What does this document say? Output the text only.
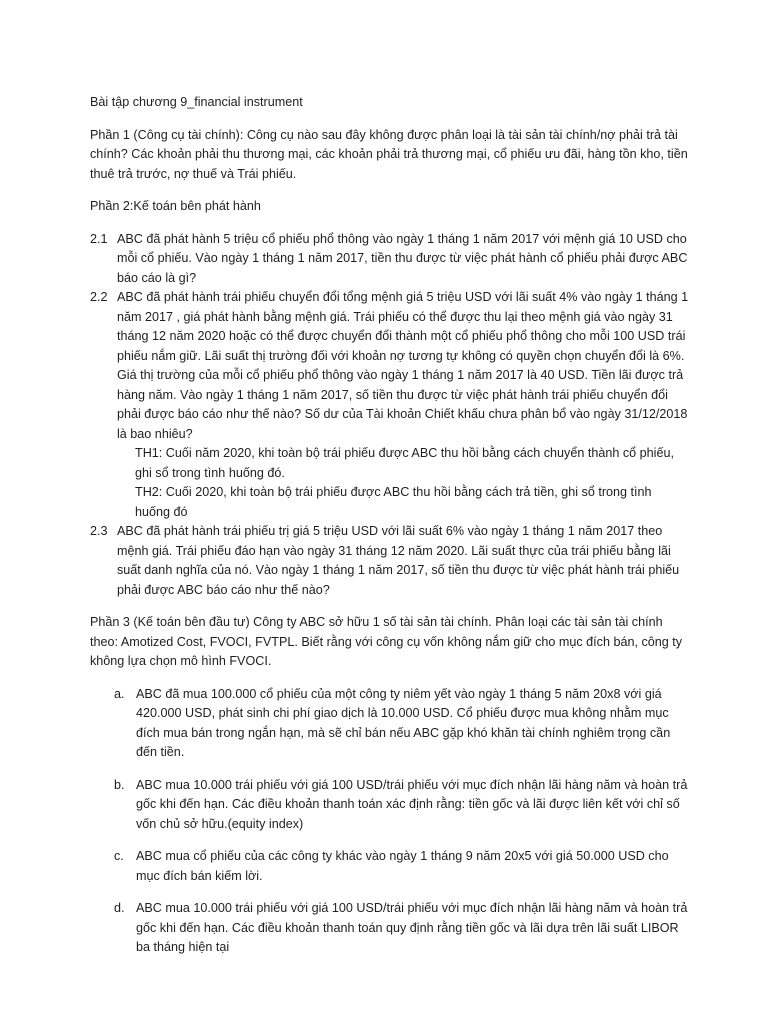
Bài tập chương 9_financial instrument

Phần 1 (Công cụ tài chính): Công cụ nào sau đây không được phân loại là tài sản tài chính/nợ phải trả tài chính? Các khoản phải thu thương mại, các khoản phải trả thương mại, cổ phiếu ưu đãi, hàng tồn kho, tiền thuê trả trước, nợ thuế và Trái phiếu.

Phần 2:Kế toán bên phát hành

2.1 ABC đã phát hành 5 triệu cổ phiếu phổ thông vào ngày 1 tháng 1 năm 2017 với mệnh giá 10 USD cho mỗi cổ phiếu. Vào ngày 1 tháng 1 năm 2017, tiền thu được từ việc phát hành cổ phiếu phải được ABC báo cáo là gì?

2.2 ABC đã phát hành trái phiếu chuyển đổi tổng mệnh giá 5 triệu USD với lãi suất 4% vào ngày 1 tháng 1 năm 2017 , giá phát hành bằng mệnh giá. Trái phiếu có thể được thu lại theo mệnh giá vào ngày 31 tháng 12 năm 2020 hoặc có thể được chuyển đổi thành một cổ phiếu phổ thông cho mỗi 100 USD trái phiếu nắm giữ. Lãi suất thị trường đối với khoản nợ tương tự không có quyền chọn chuyển đổi là 6%. Giá thị trường của mỗi cổ phiếu phổ thông vào ngày 1 tháng 1 năm 2017 là 40 USD. Tiền lãi được trả hàng năm. Vào ngày 1 tháng 1 năm 2017, số tiền thu được từ việc phát hành trái phiếu chuyển đổi phải được báo cáo như thế nào? Số dư của Tài khoản Chiết khấu chưa phân bổ vào ngày 31/12/2018 là bao nhiêu?

TH1: Cuối năm 2020, khi toàn bộ trái phiếu được ABC thu hồi bằng cách chuyển thành cổ phiếu, ghi sổ trong tình huống đó.

TH2: Cuối 2020, khi toàn bộ trái phiếu được ABC thu hồi bằng cách trả tiền, ghi sổ trong tình huống đó

2.3 ABC đã phát hành trái phiếu trị giá 5 triệu USD với lãi suất 6% vào ngày 1 tháng 1 năm 2017 theo mệnh giá. Trái phiếu đáo hạn vào ngày 31 tháng 12 năm 2020. Lãi suất thực của trái phiếu bằng lãi suất danh nghĩa của nó. Vào ngày 1 tháng 1 năm 2017, số tiền thu được từ việc phát hành trái phiếu phải được ABC báo cáo như thế nào?

Phần 3 (Kế toán bên đầu tư) Công ty ABC sở hữu 1 số tài sản tài chính. Phân loại các tài sản tài chính theo: Amotized Cost, FVOCI, FVTPL. Biết rằng với công cụ vốn không nắm giữ cho mục đích bán, công ty không lựa chọn mô hình FVOCI.

a. ABC đã mua 100.000 cổ phiếu của một công ty niêm yết vào ngày 1 tháng 5 năm 20x8 với giá 420.000 USD, phát sinh chi phí giao dịch là 10.000 USD. Cổ phiếu được mua không nhằm mục đích mua bán trong ngắn hạn, mà sẽ chỉ bán nếu ABC gặp khó khăn tài chính nghiêm trọng cần đến tiền.

b. ABC mua 10.000 trái phiếu với giá 100 USD/trái phiếu với mục đích nhận lãi hàng năm và hoàn trả gốc khi đến hạn. Các điều khoản thanh toán xác định rằng: tiền gốc và lãi được liên kết với chỉ số vốn chủ sở hữu.(equity index)

c. ABC mua cổ phiếu của các công ty khác vào ngày 1 tháng 9 năm 20x5 với giá 50.000 USD cho mục đích bán kiếm lời.

d. ABC mua 10.000 trái phiếu với giá 100 USD/trái phiếu với mục đích nhận lãi hàng năm và hoàn trả gốc khi đến hạn. Các điều khoản thanh toán quy định rằng tiền gốc và lãi dựa trên lãi suất LIBOR ba tháng hiện tại
